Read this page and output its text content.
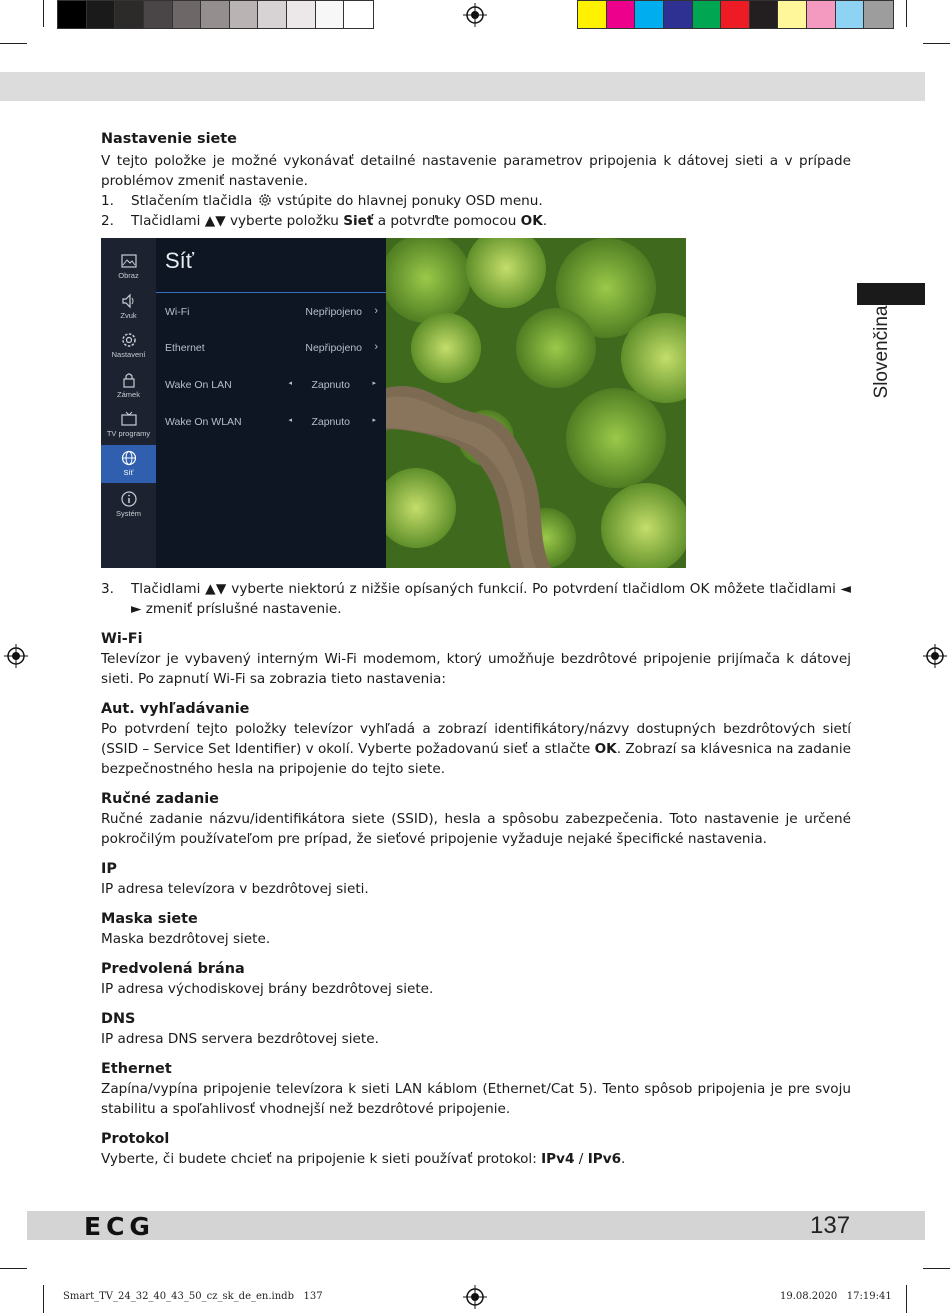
Slovenčina
Nastavenie siete
V tejto položke je možné vykonávať detailné nastavenie parametrov pripojenia k dátovej sieti a v prípade problémov zmeniť nastavenie.
1.	Stlačením tlačidla  vstúpite do hlavnej ponuky OSD menu.
2.	Tlačidlami ▲▼ vyberte položku Sieť a potvrďte pomocou OK.
Obraz
Zvuk
Nastavení
Zámek
TV programy
Síť
Systém
Síť
Wi-Fi	Nepřipojeno ›
Ethernet	Nepřipojeno ›
Wake On LAN	◂ Zapnuto	▸
Wake On WLAN	◂ Zapnuto	▸
3.	Tlačidlami ▲▼ vyberte niektorú z nižšie opísaných funkcií. Po potvrdení tlačidlom OK môžete tlačidlami ◄ ► zmeniť príslušné nastavenie.
Wi-Fi
Televízor je vybavený interným Wi-Fi modemom, ktorý umožňuje bezdrôtové pripojenie prijímača k dátovej sieti. Po zapnutí Wi-Fi sa zobrazia tieto nastavenia:
Aut. vyhľadávanie
Po potvrdení tejto položky televízor vyhľadá a zobrazí identifikátory/názvy dostupných bezdrôtových sietí (SSID – Service Set Identifier) v okolí. Vyberte požadovanú sieť a stlačte OK. Zobrazí sa klávesnica na zadanie bezpečnostného hesla na pripojenie do tejto siete.
Ručné zadanie
Ručné zadanie názvu/identifikátora siete (SSID), hesla a spôsobu zabezpečenia. Toto nastavenie je určené pokročilým používateľom pre prípad, že sieťové pripojenie vyžaduje nejaké špecifické nastavenia.
IP
IP adresa televízora v bezdrôtovej sieti.
Maska siete
Maska bezdrôtovej siete.
Predvolená brána
IP adresa východiskovej brány bezdrôtovej siete.
DNS
IP adresa DNS servera bezdrôtovej siete.
Ethernet
Zapína/vypína pripojenie televízora k sieti LAN káblom (Ethernet/Cat 5). Tento spôsob pripojenia je pre svoju stabilitu a spoľahlivosť vhodnejší než bezdrôtové pripojenie.
Protokol
Vyberte, či budete chcieť na pripojenie k sieti používať protokol: IPv4 / IPv6.
ECG	137
Smart_TV_24_32_40_43_50_cz_sk_de_en.indb   137	19.08.2020   17:19:41
